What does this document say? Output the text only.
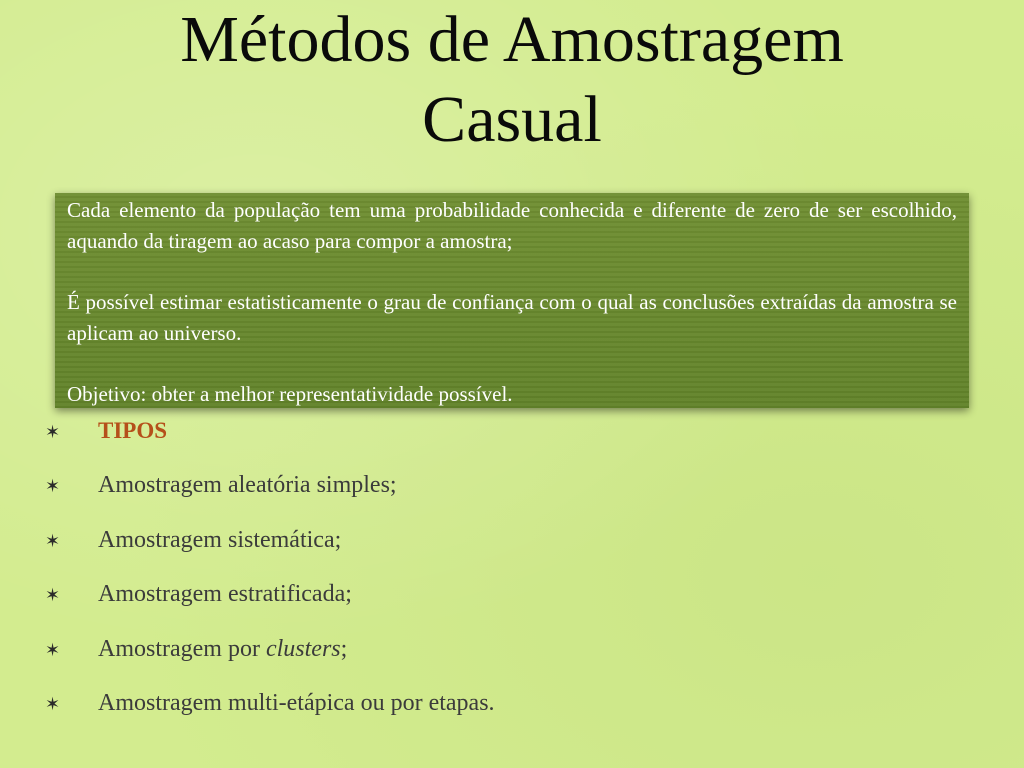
Métodos de Amostragem
Casual

Cada elemento da população tem uma probabilidade conhecida e diferente de zero de ser escolhido, aquando da tiragem ao acaso para compor a amostra;

É possível estimar estatisticamente o grau de confiança com o qual as conclusões extraídas da amostra se aplicam ao universo.

Objetivo: obter a melhor representatividade possível.

✶ TIPOS
✶ Amostragem aleatória simples;
✶ Amostragem sistemática;
✶ Amostragem estratificada;
✶ Amostragem por clusters;
✶ Amostragem multi-etápica ou por etapas.
